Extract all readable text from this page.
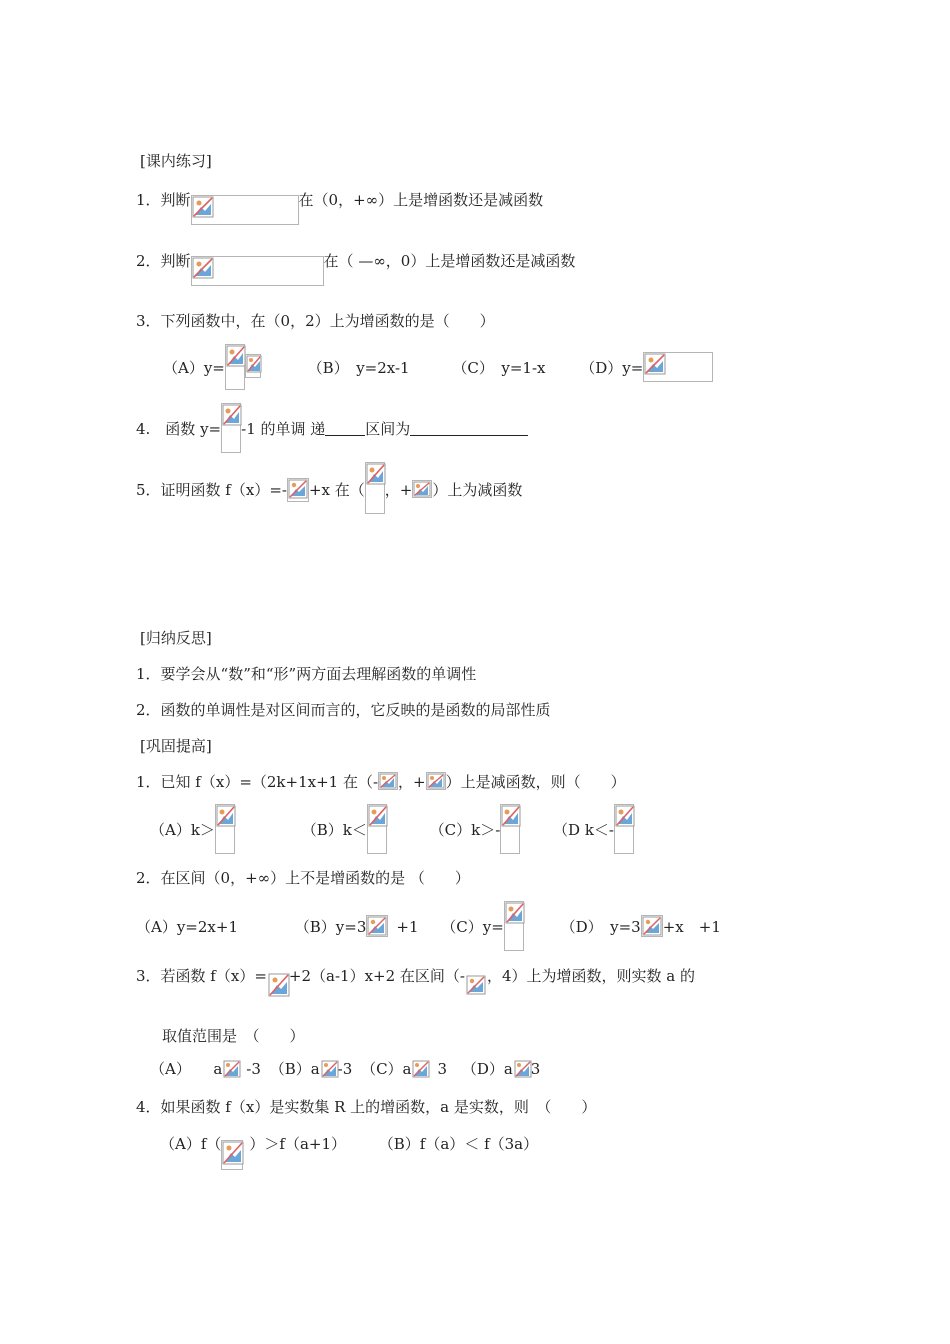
[课内练习]
1．判断	在（0，+∞）上是增函数还是减函数
2．判断	在（ —∞，0）上是增函数还是减函数
3．下列函数中，在（0，2）上为增函数的是（　　）
（A）y=	（B）　y=2x-1	（C）　y=1-x （D）y=
4.　函数 y= -1 的单调 递	区间为
5．证明函数 f（x）=- +x 在（ ，+ ）上为减函数
[归纳反思]
1．要学会从“数”和“形”两方面去理解函数的单调性
2．函数的单调性是对区间而言的，它反映的是函数的局部性质
[巩固提高]
1．已知 f（x）=（2k+1x+1 在（- ，+ ）上是减函数，则（　　）
（A）k＞	（B）k＜	（C）k＞-	（D k＜-
2．在区间（0，+∞）上不是增函数的是 （　　）
（A）y=2x+1	（B）y=3 +1 （C）y=	（D）　y=3 +x　+1
3．若函数 f（x）= +2（a-1）x+2 在区间（- ，4）上为增函数，则实数 a 的
取值范围是　（　　）
（A）　　a -3 （B）a -3 （C）a 3 （D）a 3
4．如果函数 f（x）是实数集 R 上的增函数，a 是实数，则　（　　）
（A）f（ ）＞f（a+1） （B）f（a）＜ f（3a）
